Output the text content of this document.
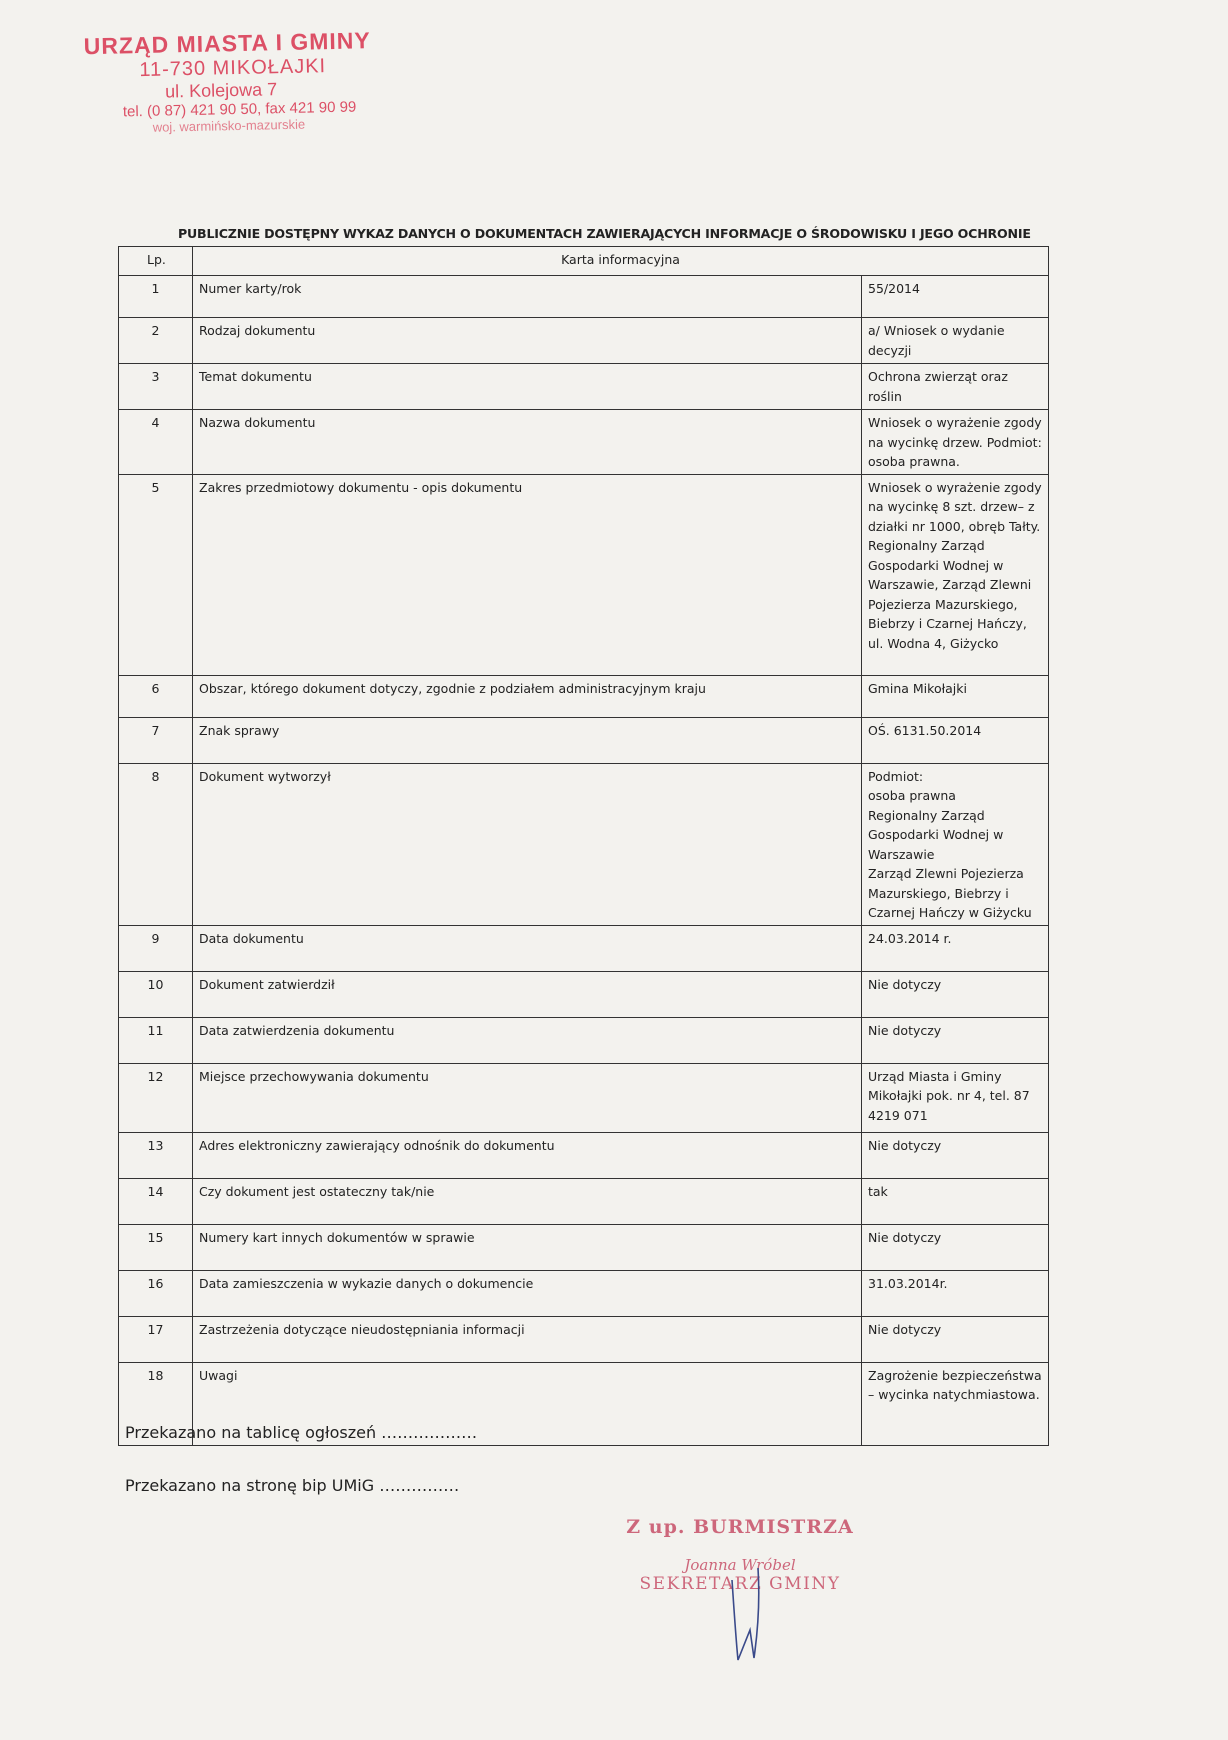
URZĄD MIASTA I GMINY
11-730 MIKOŁAJKI
ul. Kolejowa 7
tel. (0 87) 421 90 50, fax 421 90 99
woj. warmińsko-mazurskie
PUBLICZNIE DOSTĘPNY WYKAZ DANYCH O DOKUMENTACH ZAWIERAJĄCYCH INFORMACJE O ŚRODOWISKU I JEGO OCHRONIE
Lp.	Karta informacyjna	
1	Numer karty/rok	55/2014
2	Rodzaj dokumentu	a/ Wniosek o wydanie decyzji
3	Temat dokumentu	Ochrona zwierząt oraz roślin
4	Nazwa dokumentu	Wniosek o wyrażenie zgody na wycinkę drzew. Podmiot: osoba prawna.
5	Zakres przedmiotowy dokumentu - opis dokumentu	Wniosek o wyrażenie zgody na wycinkę 8 szt. drzew– z działki nr 1000, obręb Tałty. Regionalny Zarząd Gospodarki Wodnej w Warszawie, Zarząd Zlewni Pojezierza Mazurskiego, Biebrzy i Czarnej Hańczy, ul. Wodna 4, Giżycko
6	Obszar, którego dokument dotyczy, zgodnie z podziałem administracyjnym kraju	Gmina Mikołajki
7	Znak sprawy	OŚ. 6131.50.2014
8	Dokument wytworzył	Podmiot:
osoba prawna
Regionalny Zarząd Gospodarki Wodnej w Warszawie
Zarząd Zlewni Pojezierza Mazurskiego, Biebrzy i Czarnej Hańczy w Giżycku
9	Data dokumentu	24.03.2014 r.
10	Dokument zatwierdził	Nie dotyczy
11	Data zatwierdzenia dokumentu	Nie dotyczy
12	Miejsce przechowywania dokumentu	Urząd Miasta i Gminy Mikołajki pok. nr 4, tel. 87 4219 071
13	Adres elektroniczny zawierający odnośnik do dokumentu	Nie dotyczy
14	Czy dokument jest ostateczny tak/nie	tak
15	Numery kart innych dokumentów w sprawie	Nie dotyczy
16	Data zamieszczenia w wykazie danych o dokumencie	31.03.2014r.
17	Zastrzeżenia dotyczące nieudostępniania informacji	Nie dotyczy
18	Uwagi	Zagrożenie bezpieczeństwa – wycinka natychmiastowa.
Przekazano na tablicę ogłoszeń ………………
Przekazano na stronę bip UMiG ……………
Z up. BURMISTRZA
Joanna Wróbel
SEKRETARZ GMINY
